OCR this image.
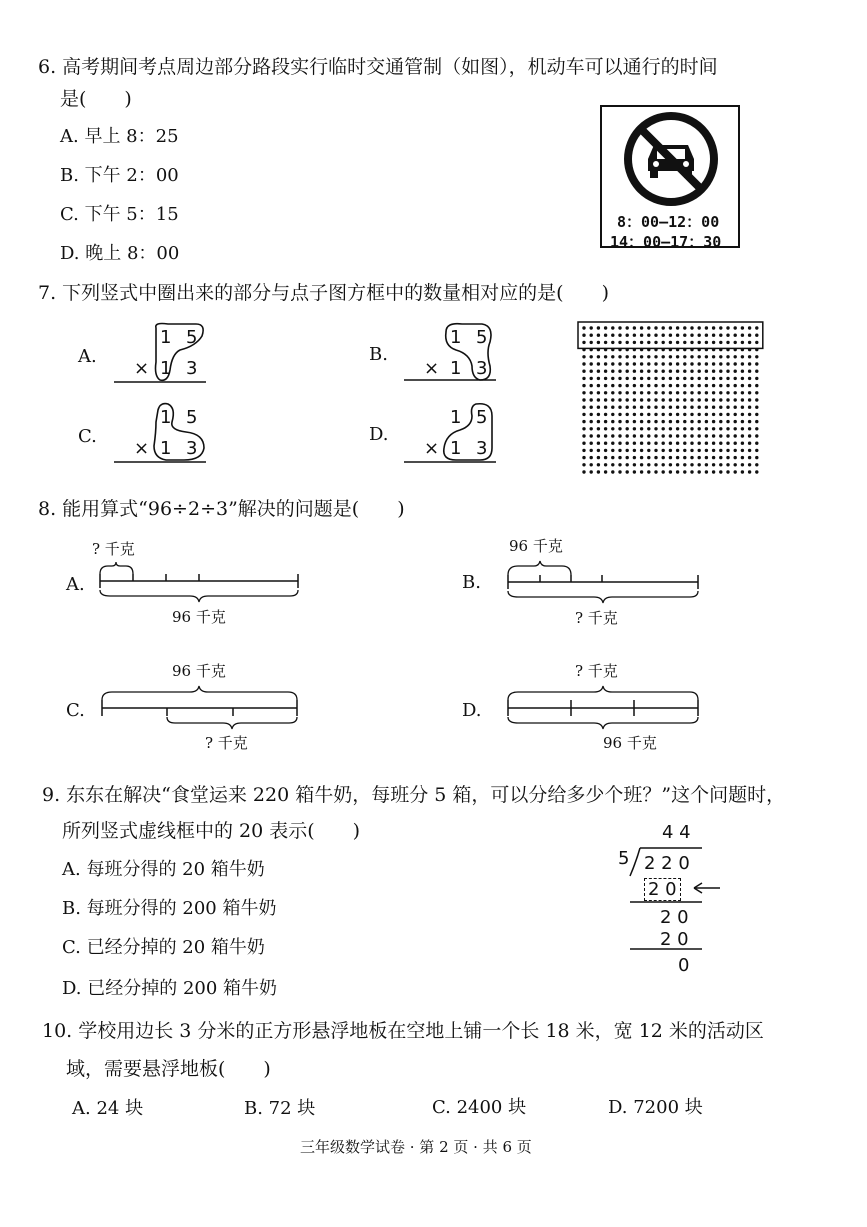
6. 高考期间考点周边部分路段实行临时交通管制（如图），机动车可以通行的时间
是(　　)
A. 早上 8：25
B. 下午 2：00
C. 下午 5：15
D. 晚上 8：00
8：00—12：00
14：00—17：30
7. 下列竖式中圈出来的部分与点子图方框中的数量相对应的是(　　)
A.	B.
C.	D.
1 5
× 1 3
1 5
× 1 3
1 5
× 1 3
1 5
× 1 3
8. 能用算式“96÷2÷3”解决的问题是(　　)
A.
? 千克
96 千克
B.
96 千克
? 千克
C.
96 千克
? 千克
D.
? 千克
96 千克
9. 东东在解决“食堂运来 220 箱牛奶，每班分 5 箱，可以分给多少个班？”这个问题时，
所列竖式虚线框中的 20 表示(　　)
A. 每班分得的 20 箱牛奶
B. 每班分得的 200 箱牛奶
C. 已经分掉的 20 箱牛奶
D. 已经分掉的 200 箱牛奶
4 4
5 2 2 0
2 0
2 0
2 0
0
10. 学校用边长 3 分米的正方形悬浮地板在空地上铺一个长 18 米，宽 12 米的活动区
域，需要悬浮地板(　　)
A. 24 块	B. 72 块	C. 2400 块	D. 7200 块
三年级数学试卷 · 第 2 页 · 共 6 页
